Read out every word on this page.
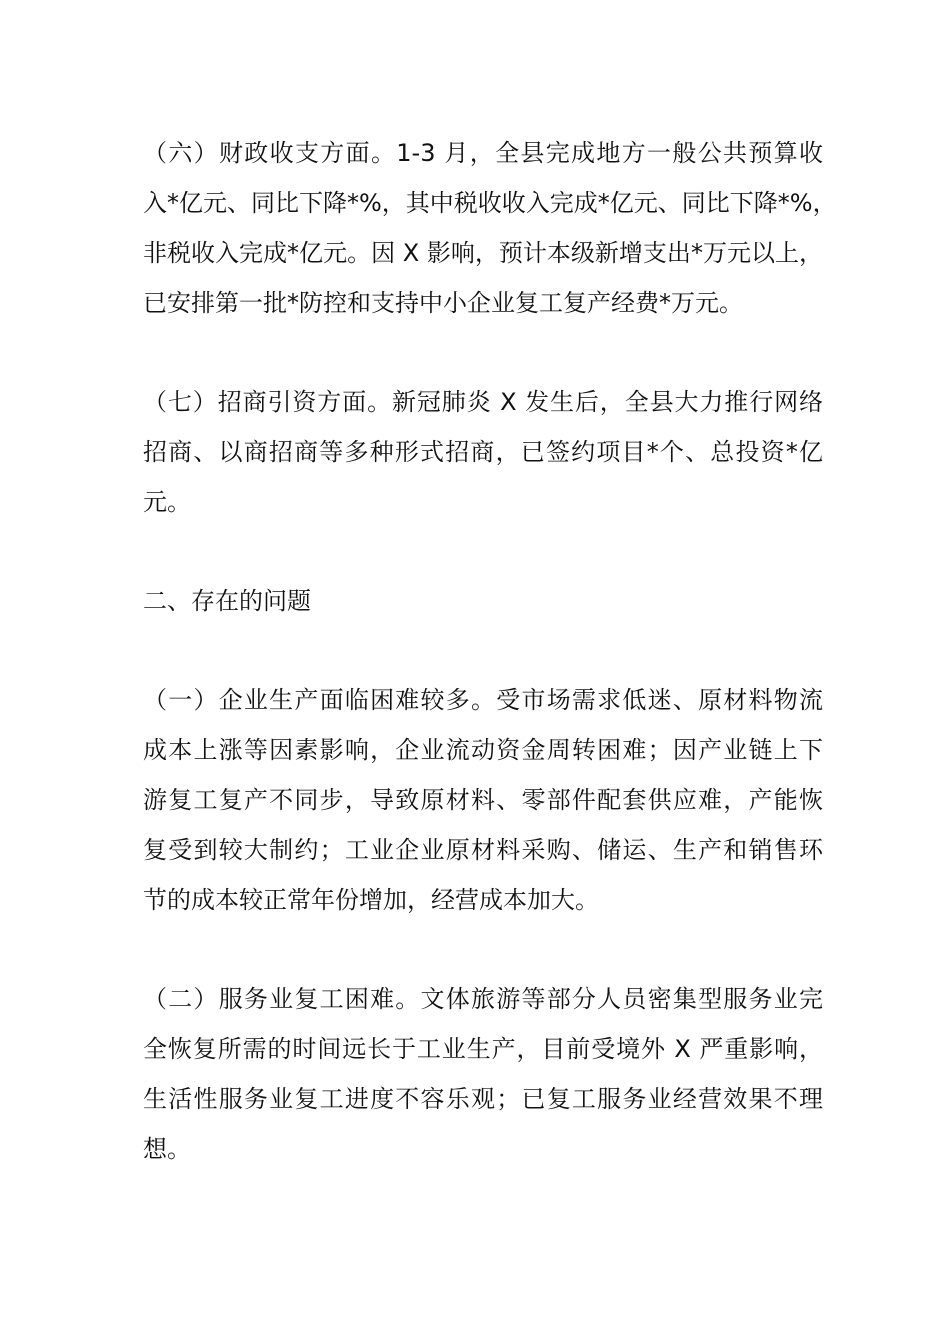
（六）财政收支方面。1-3 月，全县完成地方一般公共预算收
入*亿元、同比下降*%，其中税收收入完成*亿元、同比下降*%，
非税收入完成*亿元。因 X 影响，预计本级新增支出*万元以上，
已安排第一批*防控和支持中小企业复工复产经费*万元。
（七）招商引资方面。新冠肺炎 X 发生后，全县大力推行网络
招商、以商招商等多种形式招商，已签约项目*个、总投资*亿
元。
二、存在的问题
（一）企业生产面临困难较多。受市场需求低迷、原材料物流
成本上涨等因素影响，企业流动资金周转困难；因产业链上下
游复工复产不同步，导致原材料、零部件配套供应难，产能恢
复受到较大制约；工业企业原材料采购、储运、生产和销售环
节的成本较正常年份增加，经营成本加大。
（二）服务业复工困难。文体旅游等部分人员密集型服务业完
全恢复所需的时间远长于工业生产，目前受境外 X 严重影响，
生活性服务业复工进度不容乐观；已复工服务业经营效果不理
想。
